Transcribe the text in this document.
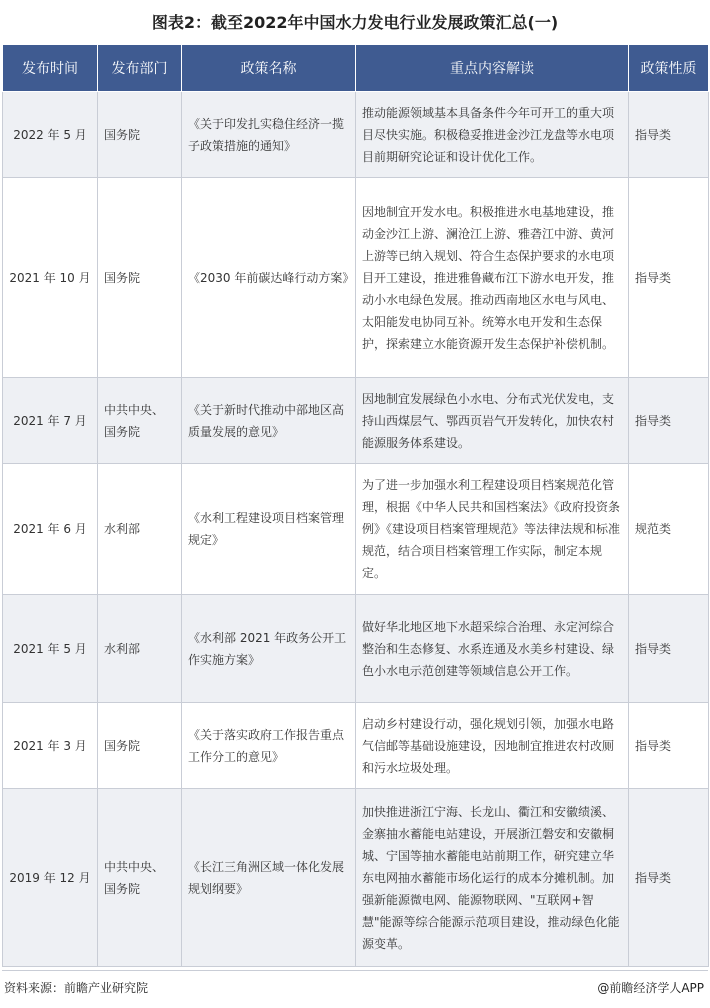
图表2：截至2022年中国水力发电行业发展政策汇总(一)
发布时间	发布部门	政策名称	重点内容解读	政策性质
2022 年 5 月	国务院	《关于印发扎实稳住经济一揽子政策措施的通知》	推动能源领域基本具备条件今年可开工的重大项目尽快实施。积极稳妥推进金沙江龙盘等水电项目前期研究论证和设计优化工作。	指导类
2021 年 10 月	国务院	《2030 年前碳达峰行动方案》	因地制宜开发水电。积极推进水电基地建设，推动金沙江上游、澜沧江上游、雅砻江中游、黄河上游等已纳入规划、符合生态保护要求的水电项目开工建设，推进雅鲁藏布江下游水电开发，推动小水电绿色发展。推动西南地区水电与风电、太阳能发电协同互补。统筹水电开发和生态保护，探索建立水能资源开发生态保护补偿机制。	指导类
2021 年 7 月	中共中央、国务院	《关于新时代推动中部地区高质量发展的意见》	因地制宜发展绿色小水电、分布式光伏发电，支持山西煤层气、鄂西页岩气开发转化，加快农村能源服务体系建设。	指导类
2021 年 6 月	水利部	《水利工程建设项目档案管理规定》	为了进一步加强水利工程建设项目档案规范化管理，根据《中华人民共和国档案法》《政府投资条例》《建设项目档案管理规范》等法律法规和标准规范，结合项目档案管理工作实际，制定本规定。	规范类
2021 年 5 月	水利部	《水利部 2021 年政务公开工作实施方案》	做好华北地区地下水超采综合治理、永定河综合整治和生态修复、水系连通及水美乡村建设、绿色小水电示范创建等领域信息公开工作。	指导类
2021 年 3 月	国务院	《关于落实政府工作报告重点工作分工的意见》	启动乡村建设行动，强化规划引领，加强水电路气信邮等基础设施建设，因地制宜推进农村改厕和污水垃圾处理。	指导类
2019 年 12 月	中共中央、国务院	《长江三角洲区域一体化发展规划纲要》	加快推进浙江宁海、长龙山、衢江和安徽绩溪、金寨抽水蓄能电站建设，开展浙江磐安和安徽桐城、宁国等抽水蓄能电站前期工作，研究建立华东电网抽水蓄能市场化运行的成本分摊机制。加强新能源微电网、能源物联网、"互联网+智慧"能源等综合能源示范项目建设，推动绿色化能源变革。	指导类
资料来源：前瞻产业研究院	@前瞻经济学人APP
